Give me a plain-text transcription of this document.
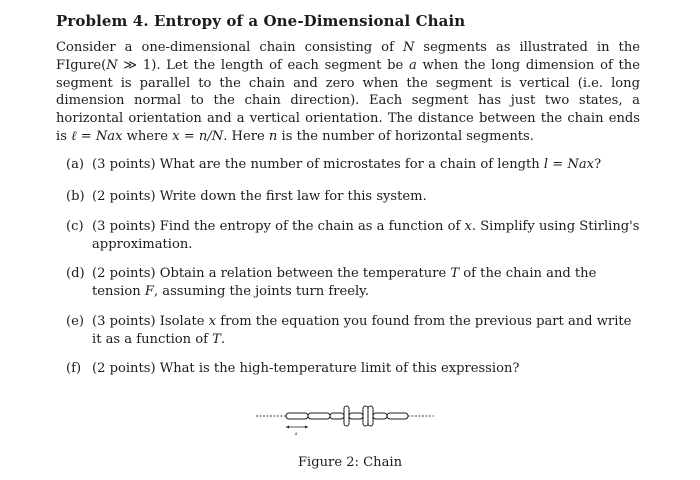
Problem 4. Entropy of a One-Dimensional Chain
Consider a one-dimensional chain consisting of N segments as illustrated in the FIgure(N ≫ 1). Let the length of each segment be a when the long dimension of the segment is parallel to the chain and zero when the segment is vertical (i.e. long dimension normal to the chain direction). Each segment has just two states, a horizontal orientation and a vertical orientation. The distance between the chain ends is ℓ = Nax where x = n/N. Here n is the number of horizontal segments.
(a) (3 points) What are the number of microstates for a chain of length l = Nax?
(b) (2 points) Write down the first law for this system.
(c) (3 points) Find the entropy of the chain as a function of x. Simplify using Stirling's approximation.
(d) (2 points) Obtain a relation between the temperature T of the chain and the tension F, assuming the joints turn freely.
(e) (3 points) Isolate x from the equation you found from the previous part and write it as a function of T.
(f) (2 points) What is the high-temperature limit of this expression?
a
Figure 2: Chain
